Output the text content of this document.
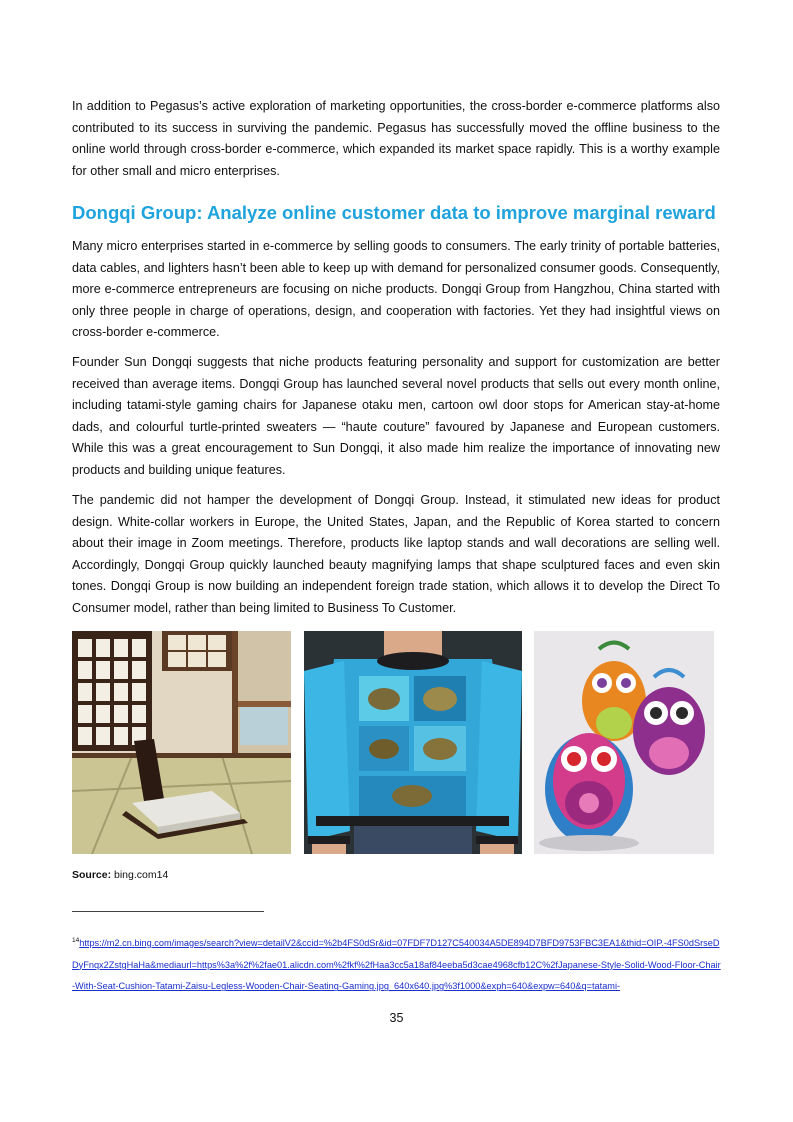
In addition to Pegasus’s active exploration of marketing opportunities, the cross-border e-commerce platforms also contributed to its success in surviving the pandemic. Pegasus has successfully moved the offline business to the online world through cross-border e-commerce, which expanded its market space rapidly. This is a worthy example for other small and micro enterprises.

Dongqi Group: Analyze online customer data to improve marginal reward

Many micro enterprises started in e-commerce by selling goods to consumers. The early trinity of portable batteries, data cables, and lighters hasn’t been able to keep up with demand for personalized consumer goods. Consequently, more e-commerce entrepreneurs are focusing on niche products. Dongqi Group from Hangzhou, China started with only three people in charge of operations, design, and cooperation with factories. Yet they had insightful views on cross-border e-commerce.

Founder Sun Dongqi suggests that niche products featuring personality and support for customization are better received than average items. Dongqi Group has launched several novel products that sells out every month online, including tatami-style gaming chairs for Japanese otaku men, cartoon owl door stops for American stay-at-home dads, and colourful turtle-printed sweaters — “haute couture” favoured by Japanese and European customers. While this was a great encouragement to Sun Dongqi, it also made him realize the importance of innovating new products and building unique features.

The pandemic did not hamper the development of Dongqi Group. Instead, it stimulated new ideas for product design. White-collar workers in Europe, the United States, Japan, and the Republic of Korea started to concern about their image in Zoom meetings. Therefore, products like laptop stands and wall decorations are selling well. Accordingly, Dongqi Group quickly launched beauty magnifying lamps that shape sculptured faces and even skin tones. Dongqi Group is now building an independent foreign trade station, which allows it to develop the Direct To Consumer model, rather than being limited to Business To Customer.

Source: bing.com14

$^{14}$https://m2.cn.bing.com/images/search?view=detailV2&ccid=%2b4FS0dSr&id=07FDF7D127C540034A5DE894D7BFD9753FBC3EA1&thid=OIP.-4FS0dSrseDDyFnqx2ZstgHaHa&mediaurl=https%3a%2f%2fae01.alicdn.com%2fkf%2fHaa3cc5a18af84eeba5d3cae4968cfb12C%2fJapanese-Style-Solid-Wood-Floor-Chair-With-Seat-Cushion-Tatami-Zaisu-Legless-Wooden-Chair-Seating-Gaming.jpg_640x640.jpg%3f1000&exph=640&expw=640&q=tatami-

35
